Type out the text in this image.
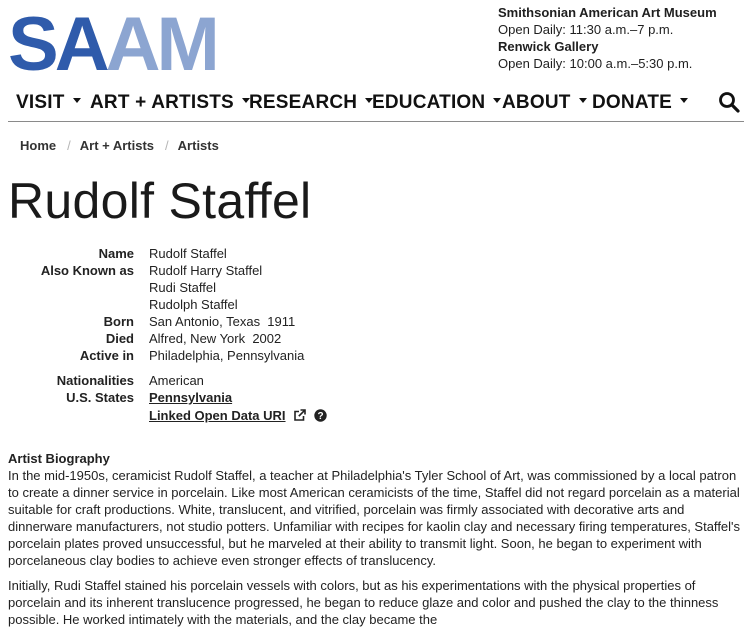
SAAM	Smithsonian American Art Museum
Open Daily: 11:30 a.m.–7 p.m.
Renwick Gallery
Open Daily: 10:00 a.m.–5:30 p.m.
VISIT	ART + ARTISTS RESEARCH EDUCATION ABOUT	DONATE
Home / Art + Artists / Artists
Rudolf Staffel
Name Rudolf Staffel
Also Known as Rudolf Harry Staffel
Rudi Staffel
Rudolph Staffel
Born San Antonio, Texas  1911
Died Alfred, New York  2002
Active in Philadelphia, Pennsylvania
Nationalities American
U.S. States Pennsylvania
Linked Open Data URI	?
Artist Biography
In the mid-1950s, ceramicist Rudolf Staffel, a teacher at Philadelphia's Tyler School of Art, was commissioned by a local patron to create a dinner service in porcelain. Like most American ceramicists of the time, Staffel did not regard porcelain as a material suitable for craft productions. White, translucent, and vitrified, porcelain was firmly associated with decorative arts and dinnerware manufacturers, not studio potters. Unfamiliar with recipes for kaolin clay and necessary firing temperatures, Staffel's porcelain plates proved unsuccessful, but he marveled at their ability to transmit light. Soon, he began to experiment with porcelaneous clay bodies to achieve even stronger effects of translucency.
Initially, Rudi Staffel stained his porcelain vessels with colors, but as his experimentations with the physical properties of porcelain and its inherent translucence progressed, he began to reduce glaze and color and pushed the clay to the thinness possible. He worked intimately with the materials, and the clay became the
